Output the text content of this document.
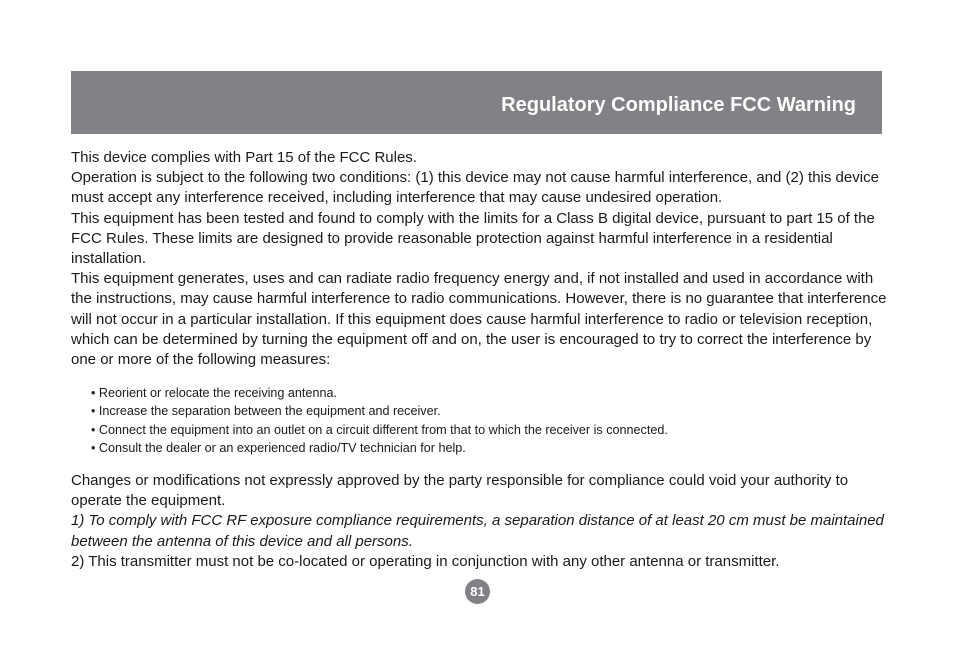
Regulatory Compliance FCC Warning

This device complies with Part 15 of the FCC Rules.

Operation is subject to the following two conditions: (1) this device may not cause harmful interference, and (2) this device must accept any interference received, including interference that may cause undesired operation.

This equipment has been tested and found to comply with the limits for a Class B digital device, pursuant to part 15 of the FCC Rules. These limits are designed to provide reasonable protection against harmful interference in a residential installation.

This equipment generates, uses and can radiate radio frequency energy and, if not installed and used in accordance with the instructions, may cause harmful interference to radio communications. However, there is no guarantee that interference will not occur in a particular installation. If this equipment does cause harmful interference to radio or television reception, which can be determined by turning the equipment off and on, the user is encouraged to try to correct the interference by one or more of the following measures:

• Reorient or relocate the receiving antenna.
• Increase the separation between the equipment and receiver.
• Connect the equipment into an outlet on a circuit different from that to which the receiver is connected.
• Consult the dealer or an experienced radio/TV technician for help.

Changes or modifications not expressly approved by the party responsible for compliance could void your authority to operate the equipment.

1) To comply with FCC RF exposure compliance requirements, a separation distance of at least 20 cm must be maintained between the antenna of this device and all persons.

2) This transmitter must not be co-located or operating in conjunction with any other antenna or transmitter.

81
